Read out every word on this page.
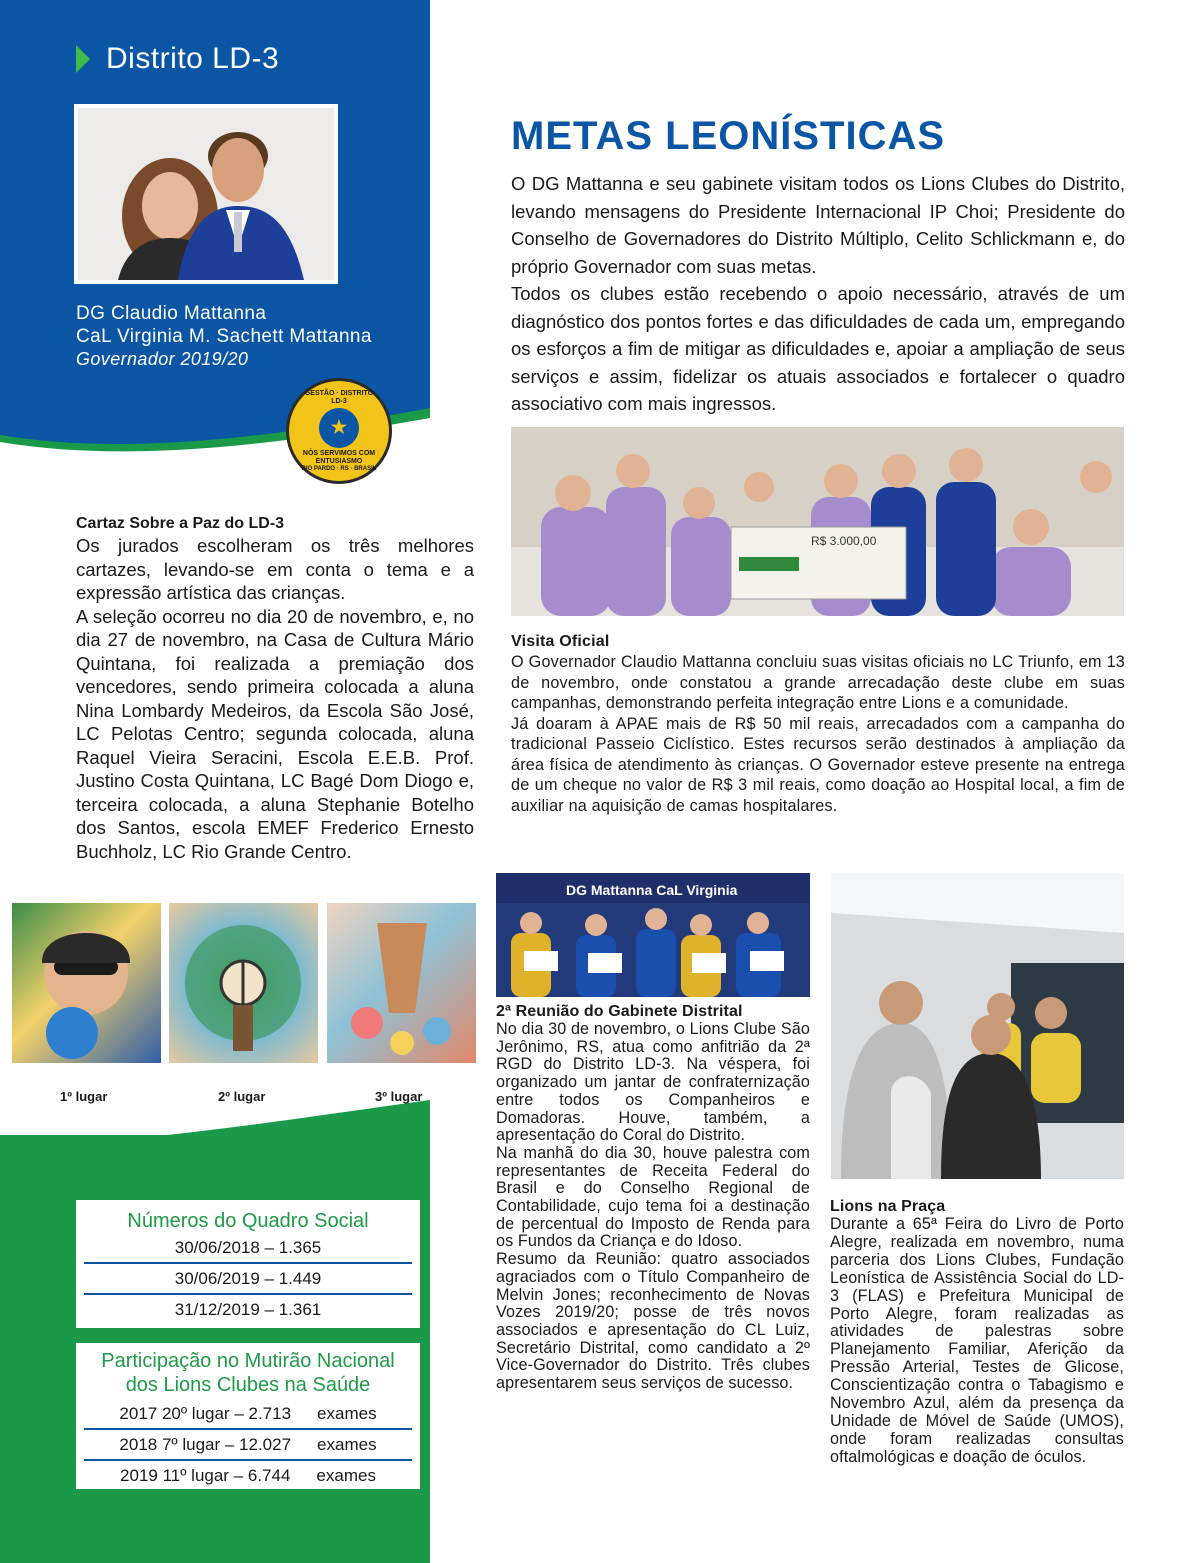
Distrito LD-3
DG Claudio Mattanna
CaL Virginia M. Sachett Mattanna
Governador 2019/20
GESTÃO · DISTRITO LD-3
★
NÓS SERVIMOS COM ENTUSIASMO
RIO PARDO · RS · BRASIL
METAS LEONÍSTICAS

O DG Mattanna e seu gabinete visitam todos os Lions Clubes do Distrito, levando mensagens do Presidente Internacional IP Choi; Presidente do Conselho de Governadores do Distrito Múltiplo, Celito Schlickmann e, do próprio Governador com suas metas.

Todos os clubes estão recebendo o apoio necessário, através de um diagnóstico dos pontos fortes e das dificuldades de cada um, empregando os esforços a fim de mitigar as dificuldades e, apoiar a ampliação de seus serviços e assim, fidelizar os atuais associados e fortalecer o quadro associativo com mais ingressos.

R$ 3.000,00
Cartaz Sobre a Paz do LD-3

Os jurados escolheram os três melhores cartazes, levando-se em conta o tema e a expressão artística das crianças.

A seleção ocorreu no dia 20 de novembro, e, no dia 27 de novembro, na Casa de Cultura Mário Quintana, foi realizada a premiação dos vencedores, sendo primeira colocada a aluna Nina Lombardy Medeiros, da Escola São José, LC Pelotas Centro; segunda colocada, aluna Raquel Vieira Seracini, Escola E.E.B. Prof. Justino Costa Quintana, LC Bagé Dom Diogo e, terceira colocada, a aluna Stephanie Botelho dos Santos, escola EMEF Frederico Ernesto Buchholz, LC Rio Grande Centro.

1º lugar	2º lugar	3º lugar
Visita Oficial

O Governador Claudio Mattanna concluiu suas visitas oficiais no LC Triunfo, em 13 de novembro, onde constatou a grande arrecadação deste clube em suas campanhas, demonstrando perfeita integração entre Lions e a comunidade.

Já doaram à APAE mais de R$ 50 mil reais, arrecadados com a campanha do tradicional Passeio Ciclístico. Estes recursos serão destinados à ampliação da área física de atendimento às crianças. O Governador esteve presente na entrega de um cheque no valor de R$ 3 mil reais, como doação ao Hospital local, a fim de auxiliar na aquisição de camas hospitalares.

DG Mattanna CaL Virginia
2ª Reunião do Gabinete Distrital

No dia 30 de novembro, o Lions Clube São Jerônimo, RS, atua como anfitrião da 2ª RGD do Distrito LD-3. Na véspera, foi organizado um jantar de confraternização entre todos os Companheiros e Domadoras. Houve, também, a apresentação do Coral do Distrito.

Na manhã do dia 30, houve palestra com representantes de Receita Federal do Brasil e do Conselho Regional de Contabilidade, cujo tema foi a destinação de percentual do Imposto de Renda para os Fundos da Criança e do Idoso.

Resumo da Reunião: quatro associados agraciados com o Título Companheiro de Melvin Jones; reconhecimento de Novas Vozes 2019/20; posse de três novos associados e apresentação do CL Luiz, Secretário Distrital, como candidato a 2º Vice-Governador do Distrito. Três clubes apresentarem seus serviços de sucesso.

Lions na Praça

Durante a 65ª Feira do Livro de Porto Alegre, realizada em novembro, numa parceria dos Lions Clubes, Fundação Leonística de Assistência Social do LD-3 (FLAS) e Prefeitura Municipal de Porto Alegre, foram realizadas as atividades de palestras sobre Planejamento Familiar, Aferição da Pressão Arterial, Testes de Glicose, Conscientização contra o Tabagismo e Novembro Azul, além da presença da Unidade de Móvel de Saúde (UMOS), onde foram realizadas consultas oftalmológicas e doação de óculos.

Números do Quadro Social
30/06/2018 – 1.365
30/06/2019 – 1.449
31/12/2019 – 1.361
Participação no Mutirão Nacional dos Lions Clubes na Saúde
2017 20º lugar – 2.713 exames
2018 7º lugar – 12.027 exames
2019 11º lugar – 6.744 exames
